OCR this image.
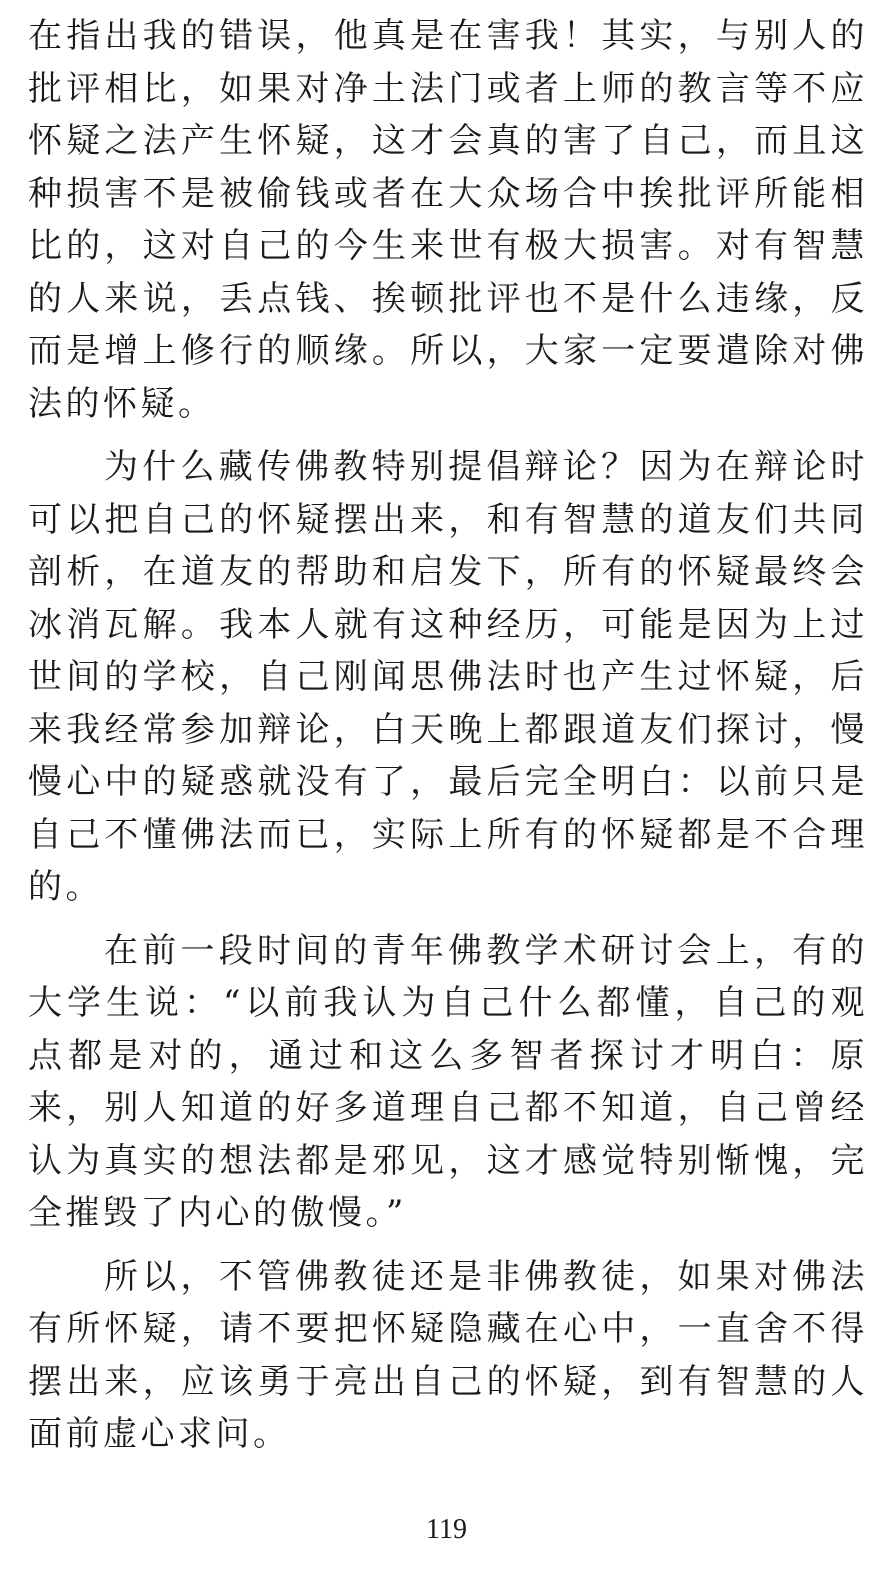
在指出我的错误，他真是在害我！其实，与别人的批评相比，如果对净土法门或者上师的教言等不应怀疑之法产生怀疑，这才会真的害了自己，而且这种损害不是被偷钱或者在大众场合中挨批评所能相比的，这对自己的今生来世有极大损害。对有智慧的人来说，丢点钱、挨顿批评也不是什么违缘，反而是增上修行的顺缘。所以，大家一定要遣除对佛法的怀疑。

为什么藏传佛教特别提倡辩论？因为在辩论时可以把自己的怀疑摆出来，和有智慧的道友们共同剖析，在道友的帮助和启发下，所有的怀疑最终会冰消瓦解。我本人就有这种经历，可能是因为上过世间的学校，自己刚闻思佛法时也产生过怀疑，后来我经常参加辩论，白天晚上都跟道友们探讨，慢慢心中的疑惑就没有了，最后完全明白：以前只是自己不懂佛法而已，实际上所有的怀疑都是不合理的。

在前一段时间的青年佛教学术研讨会上，有的大学生说：“以前我认为自己什么都懂，自己的观点都是对的，通过和这么多智者探讨才明白：原来，别人知道的好多道理自己都不知道，自己曾经认为真实的想法都是邪见，这才感觉特别惭愧，完全摧毁了内心的傲慢。”

所以，不管佛教徒还是非佛教徒，如果对佛法有所怀疑，请不要把怀疑隐藏在心中，一直舍不得摆出来，应该勇于亮出自己的怀疑，到有智慧的人面前虚心求问。

119
